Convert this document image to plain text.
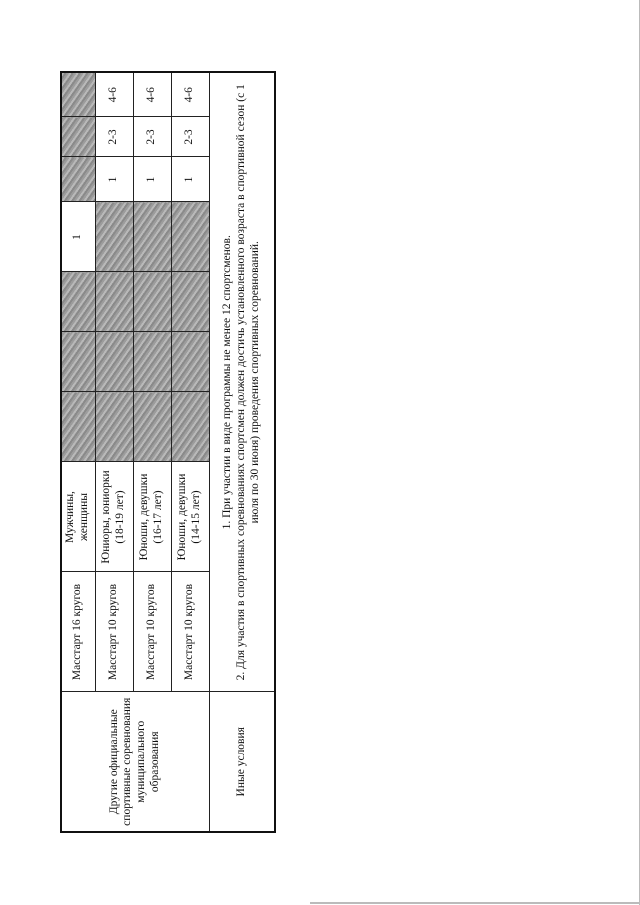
Другие официальные спортивные соревнования муниципального образования	Масстарт 16 кругов	Мужчины, женщины				1			
	Масстарт 10 кругов	Юниоры, юниорки (18-19 лет)					1	2-3	4-6
	Масстарт 10 кругов	Юноши, девушки (16-17 лет)					1	2-3	4-6
	Масстарт 10 кругов	Юноши, девушки (14-15 лет)					1	2-3	4-6
Иные условия	1. При участии в виде программы не менее 12 спортсменов. 2. Для участия в спортивных соревнованиях спортсмен должен достичь установленного возраста в спортивной сезон (с 1 июля по 30 июня) проведения спортивных соревнований.								
